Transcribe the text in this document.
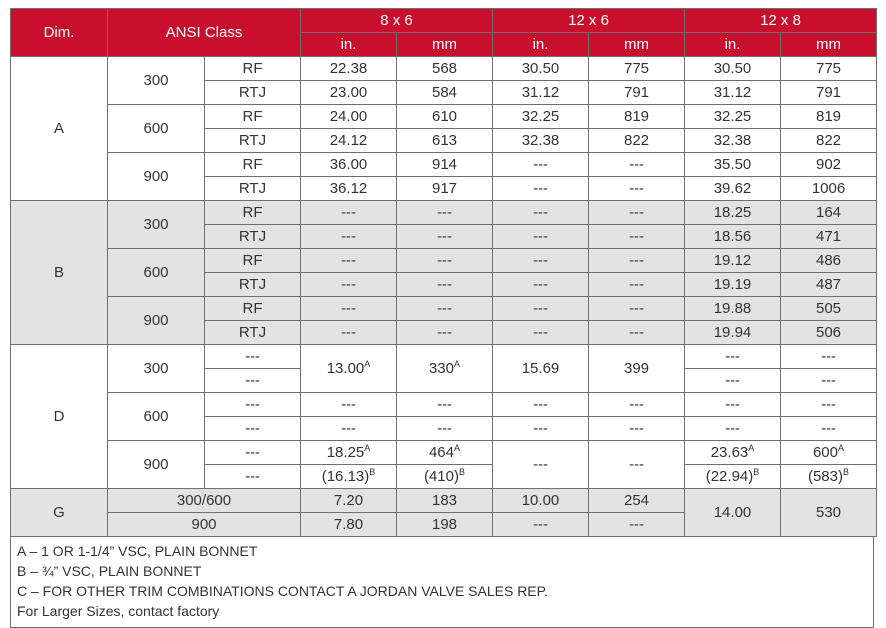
Dim.	ANSI Class		8 x 6		12 x 6		12 x 8	
			in.	mm	in.	mm	in.	mm
A	300	RF	22.38	568	30.50	775	30.50	775
		RTJ	23.00	584	31.12	791	31.12	791
	600	RF	24.00	610	32.25	819	32.25	819
		RTJ	24.12	613	32.38	822	32.38	822
	900	RF	36.00	914	---	---	35.50	902
		RTJ	36.12	917	---	---	39.62	1006
B	300	RF	---	---	---	---	18.25	164
		RTJ	---	---	---	---	18.56	471
	600	RF	---	---	---	---	19.12	486
		RTJ	---	---	---	---	19.19	487
	900	RF	---	---	---	---	19.88	505
		RTJ	---	---	---	---	19.94	506
D	300	---	$13.00^A$	$330^A$	15.69	399	---	---
		---					---	---
	600	---	---	---	---	---	---	---
		---	---	---	---	---	---	---
	900	---	$18.25^A$	$464^A$	---	---	$23.63^A$	$600^A$
		---	$(16.13)^B$	$(410)^B$			$(22.94)^B$	$(583)^B$
G	300/600		7.20	183	10.00	254	14.00	530
	900		7.80	198	---	---		
A – 1 OR 1-1/4” VSC, PLAIN BONNET
B – ¾” VSC, PLAIN BONNET
C – FOR OTHER TRIM COMBINATIONS CONTACT A JORDAN VALVE SALES REP.
For Larger Sizes, contact factory
